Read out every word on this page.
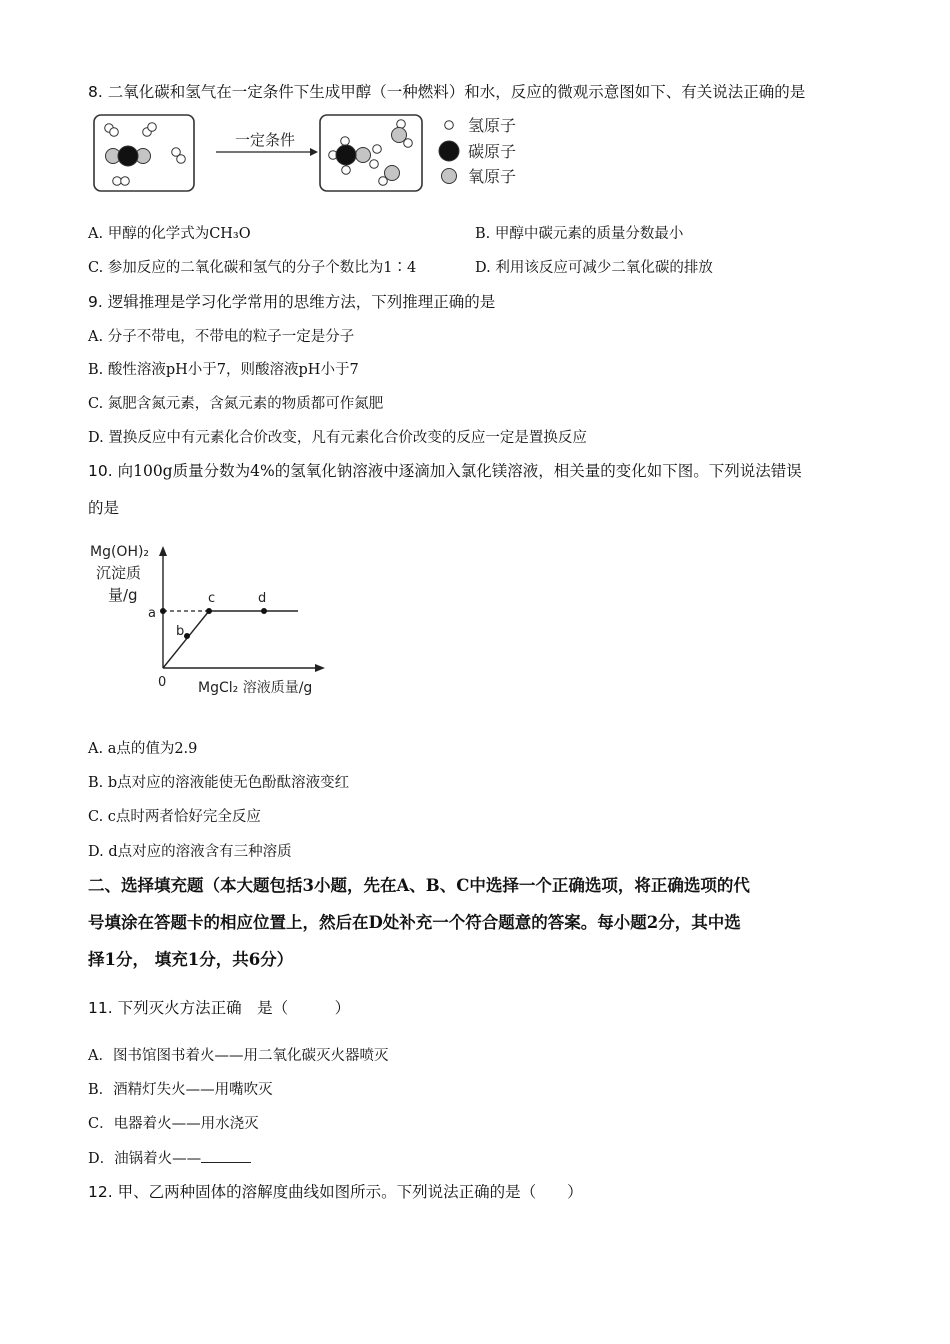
8. 二氧化碳和氢气在一定条件下生成甲醇（一种燃料）和水，反应的微观示意图如下、有关说法正确的是
一定条件
氢原子
碳原子
氧原子
A. 甲醇的化学式为CH₃O	B. 甲醇中碳元素的质量分数最小
C. 参加反应的二氧化碳和氢气的分子个数比为1∶4	D. 利用该反应可减少二氧化碳的排放
9. 逻辑推理是学习化学常用的思维方法，下列推理正确的是
A. 分子不带电，不带电的粒子一定是分子
B. 酸性溶液pH小于7，则酸溶液pH小于7
C. 氮肥含氮元素，含氮元素的物质都可作氮肥
D. 置换反应中有元素化合价改变，凡有元素化合价改变的反应一定是置换反应
10. 向100g质量分数为4%的氢氧化钠溶液中逐滴加入氯化镁溶液，相关量的变化如下图。下列说法错误
的是
Mg(OH)₂
沉淀质
量/g
MgCl₂ 溶液质量/g
0
a
b
c	d
A. a点的值为2.9
B. b点对应的溶液能使无色酚酞溶液变红
C. c点时两者恰好完全反应
D. d点对应的溶液含有三种溶质
二、选择填充题（本大题包括3小题，先在A、B、C中选择一个正确选项，将正确选项的代
号填涂在答题卡的相应位置上，然后在D处补充一个符合题意的答案。每小题2分，其中选
择1分， 填充1分，共6分）
11. 下列灭火方法正确　是（　　　）
A．图书馆图书着火——用二氧化碳灭火器喷灭
B．酒精灯失火——用嘴吹灭
C．电器着火——用水浇灭
D．油锅着火——
12. 甲、乙两种固体的溶解度曲线如图所示。下列说法正确的是（　　）
